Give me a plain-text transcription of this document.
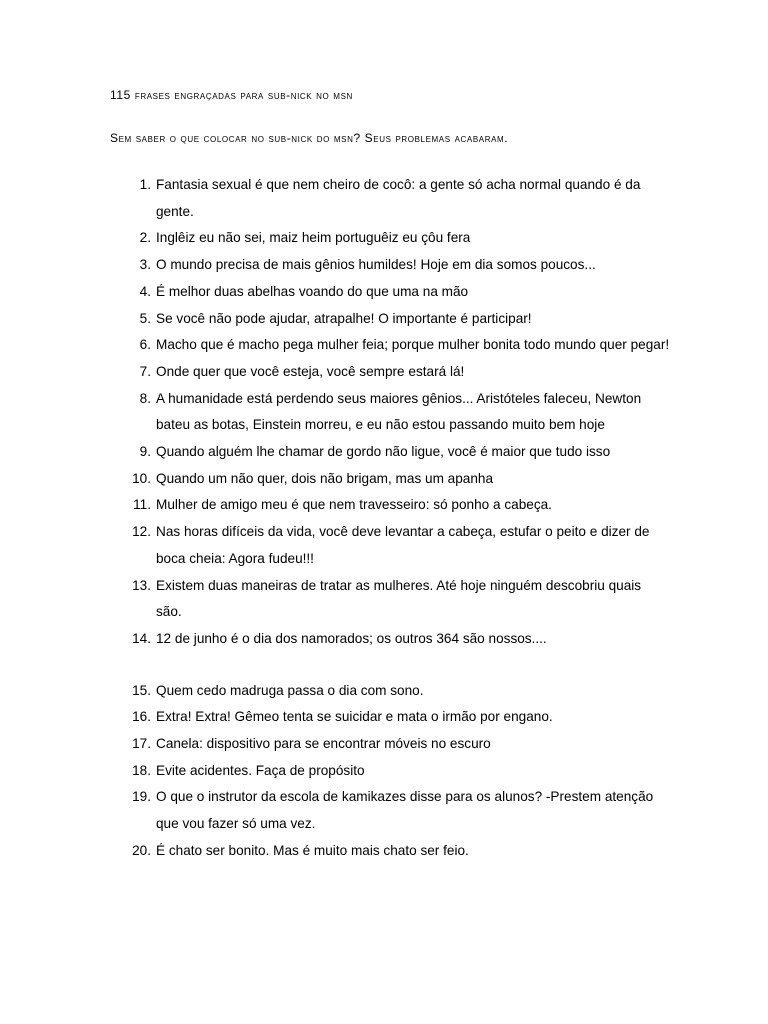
115 frases engraçadas para sub-nick no msn

Sem saber o que colocar no sub-nick do msn? Seus problemas acabaram.

1. Fantasia sexual é que nem cheiro de cocô: a gente só acha normal quando é da gente.
2. Inglêiz eu não sei, maiz heim portuguêiz eu çôu fera
3. O mundo precisa de mais gênios humildes! Hoje em dia somos poucos...
4. É melhor duas abelhas voando do que uma na mão
5. Se você não pode ajudar, atrapalhe! O importante é participar!
6. Macho que é macho pega mulher feia; porque mulher bonita todo mundo quer pegar!
7. Onde quer que você esteja, você sempre estará lá!
8. A humanidade está perdendo seus maiores gênios... Aristóteles faleceu, Newton bateu as botas, Einstein morreu, e eu não estou passando muito bem hoje
9. Quando alguém lhe chamar de gordo não ligue, você é maior que tudo isso
10. Quando um não quer, dois não brigam, mas um apanha
11. Mulher de amigo meu é que nem travesseiro: só ponho a cabeça.
12. Nas horas difíceis da vida, você deve levantar a cabeça, estufar o peito e dizer de boca cheia: Agora fudeu!!!
13. Existem duas maneiras de tratar as mulheres. Até hoje ninguém descobriu quais são.
14. 12 de junho é o dia dos namorados; os outros 364 são nossos....
15. Quem cedo madruga passa o dia com sono.
16. Extra! Extra! Gêmeo tenta se suicidar e mata o irmão por engano.
17. Canela: dispositivo para se encontrar móveis no escuro
18. Evite acidentes. Faça de propósito
19. O que o instrutor da escola de kamikazes disse para os alunos? -Prestem atenção que vou fazer só uma vez.
20. É chato ser bonito. Mas é muito mais chato ser feio.
